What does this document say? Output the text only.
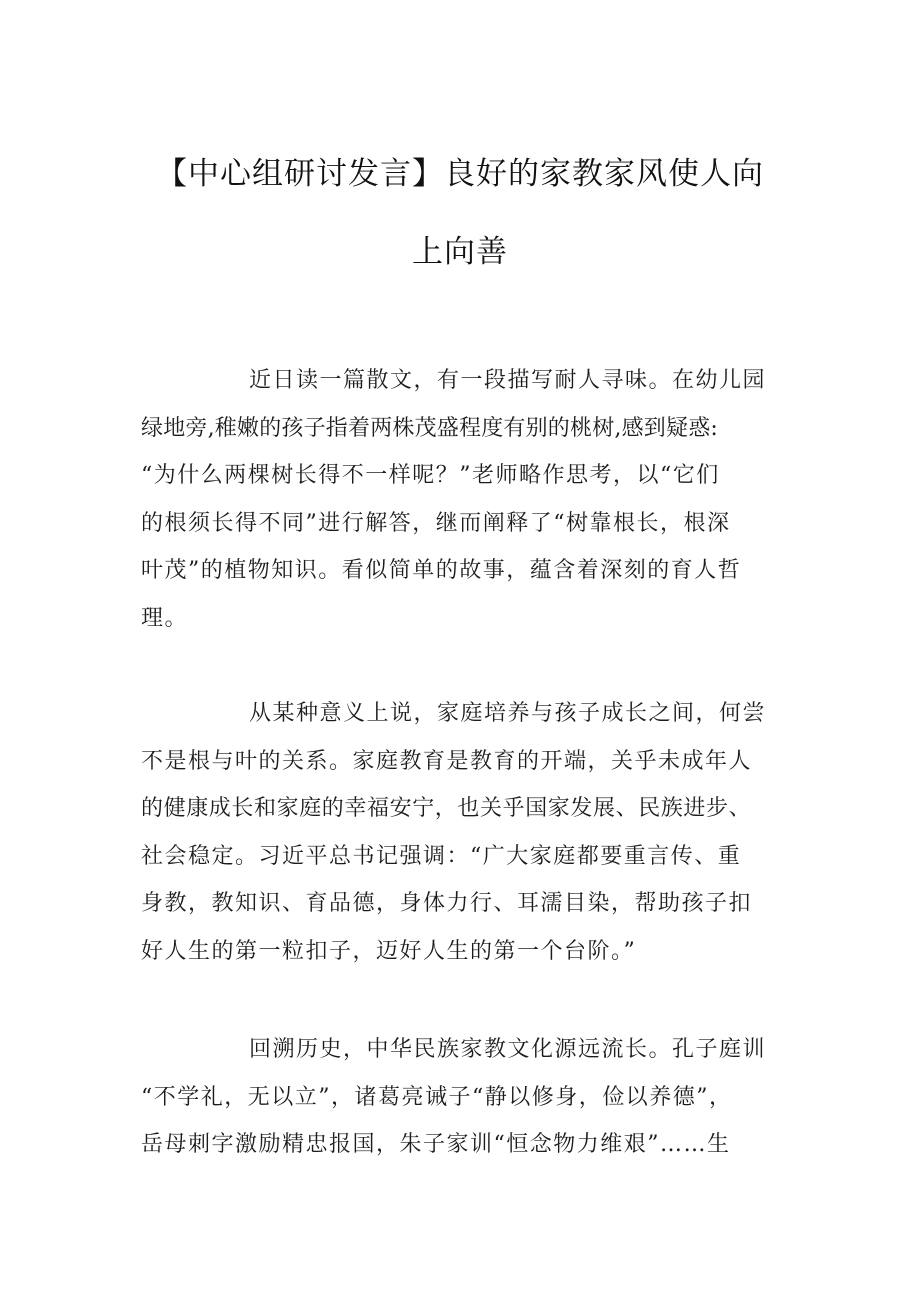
【中心组研讨发言】良好的家教家风使人向
上向善
近日读一篇散文，有一段描写耐人寻味。在幼儿园
绿地旁,稚嫩的孩子指着两株茂盛程度有别的桃树,感到疑惑:
“为什么两棵树长得不一样呢？”老师略作思考，以“它们
的根须长得不同”进行解答，继而阐释了“树靠根长，根深
叶茂”的植物知识。看似简单的故事，蕴含着深刻的育人哲
理。
从某种意义上说，家庭培养与孩子成长之间，何尝
不是根与叶的关系。家庭教育是教育的开端，关乎未成年人
的健康成长和家庭的幸福安宁，也关乎国家发展、民族进步、
社会稳定。习近平总书记强调：“广大家庭都要重言传、重
身教，教知识、育品德，身体力行、耳濡目染，帮助孩子扣
好人生的第一粒扣子，迈好人生的第一个台阶。”
回溯历史，中华民族家教文化源远流长。孔子庭训
“不学礼，无以立”，诸葛亮诫子“静以修身，俭以养德”，
岳母刺字激励精忠报国，朱子家训“恒念物力维艰”……生
